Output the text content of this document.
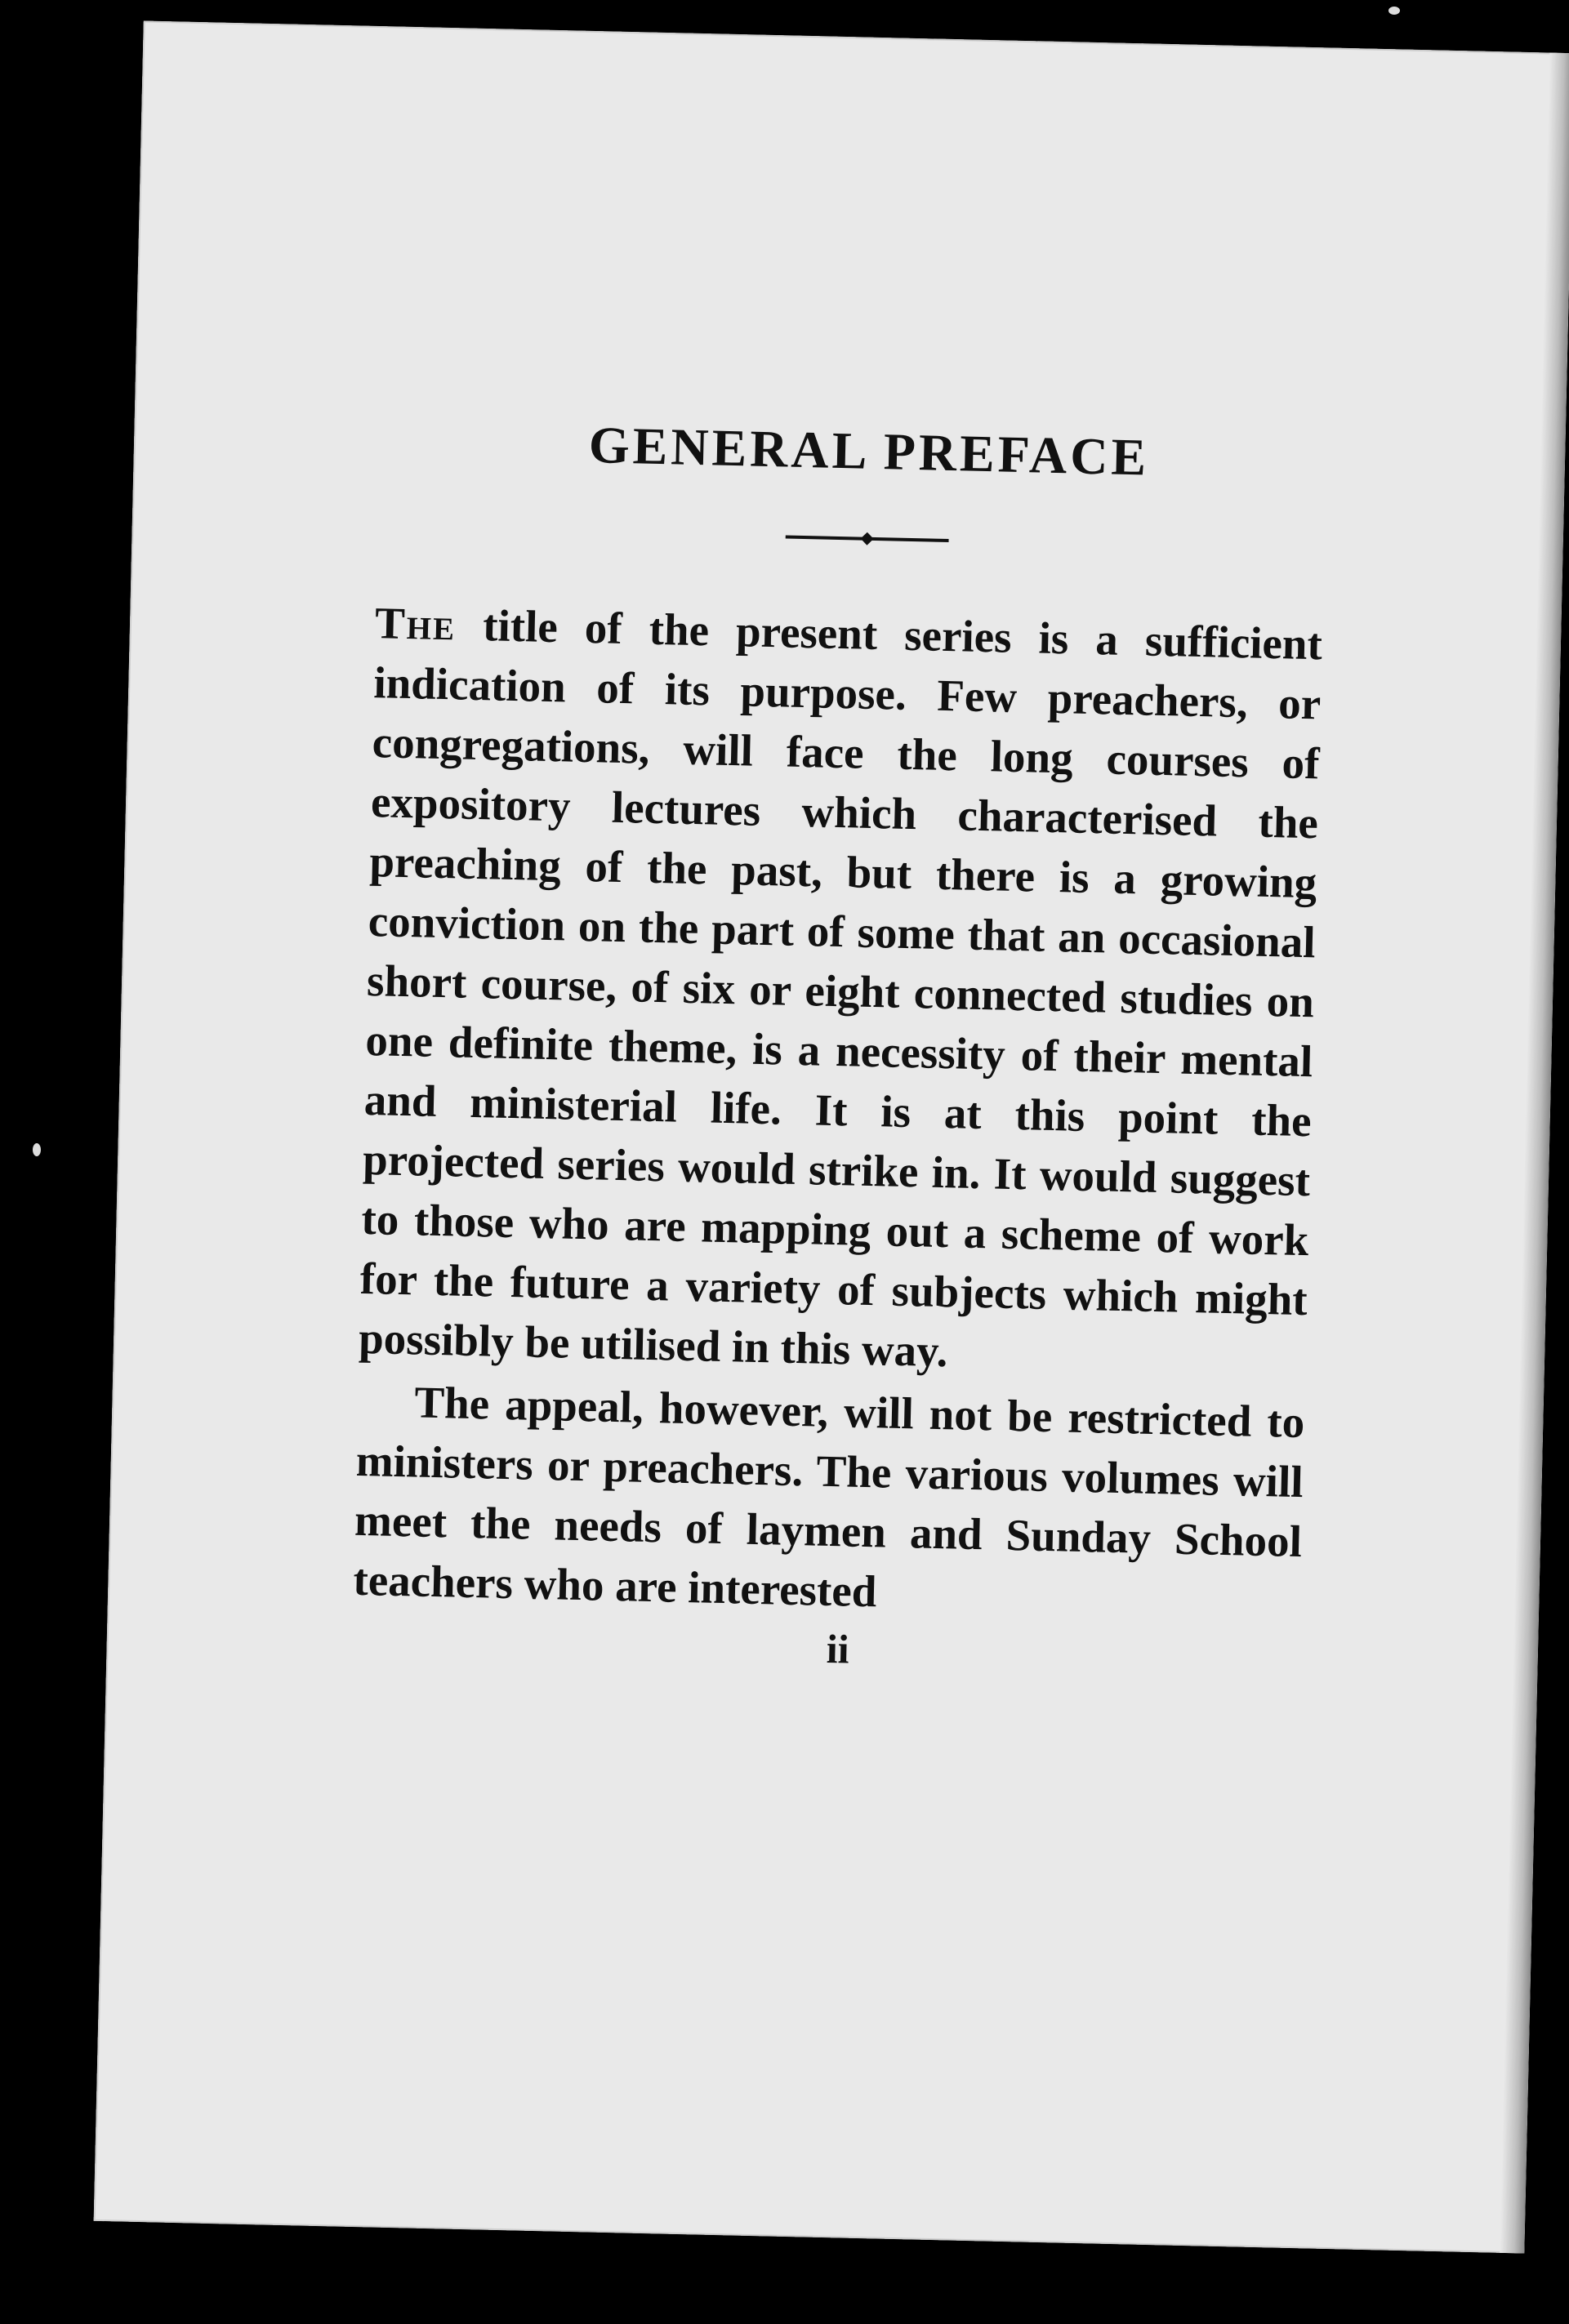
GENERAL PREFACE

The title of the present series is a sufficient indication of its purpose. Few preachers, or congregations, will face the long courses of expository lectures which characterised the preaching of the past, but there is a growing conviction on the part of some that an occasional short course, of six or eight connected studies on one definite theme, is a necessity of their mental and ministerial life. It is at this point the projected series would strike in. It would suggest to those who are mapping out a scheme of work for the future a variety of subjects which might possibly be utilised in this way.

The appeal, however, will not be restricted to ministers or preachers. The various volumes will meet the needs of laymen and Sunday School teachers who are interested

ii
